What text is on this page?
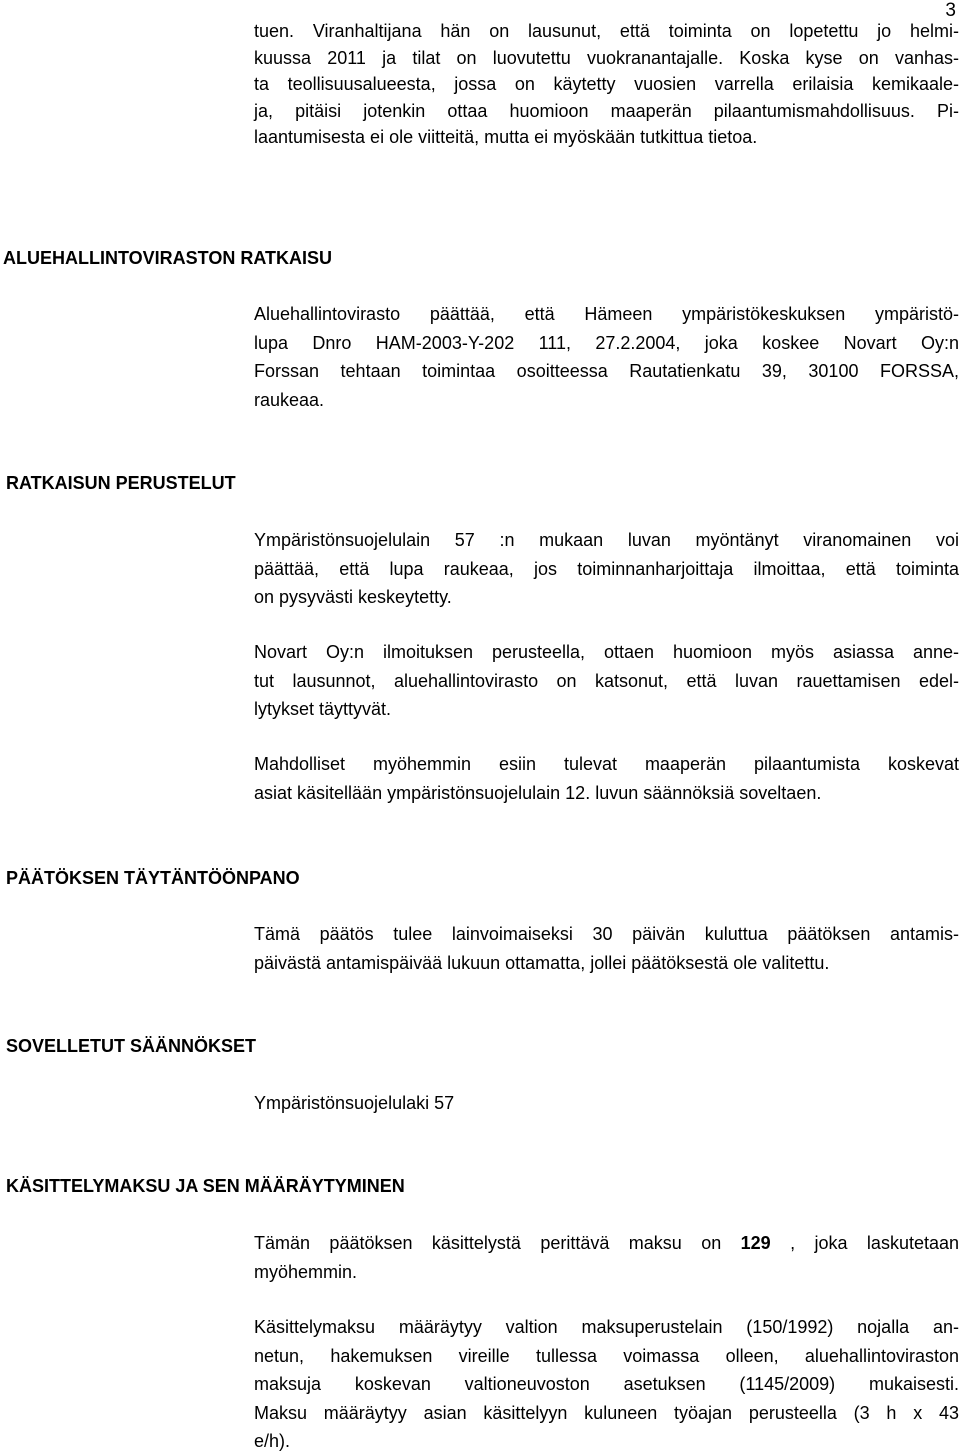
3
tuen. Viranhaltijana hän on lausunut, että toiminta on lopetettu jo helmi-
kuussa 2011 ja tilat on luovutettu vuokranantajalle. Koska kyse on vanhas-
ta teollisuusalueesta, jossa on käytetty vuosien varrella erilaisia kemikaale-
ja, pitäisi jotenkin ottaa huomioon maaperän pilaantumismahdollisuus. Pi-
laantumisesta ei ole viitteitä, mutta ei myöskään tutkittua tietoa.
ALUEHALLINTOVIRASTON RATKAISU
Aluehallintovirasto päättää, että Hämeen ympäristökeskuksen ympäristö-
lupa Dnro HAM-2003-Y-202 111, 27.2.2004, joka koskee Novart Oy:n
Forssan tehtaan toimintaa osoitteessa Rautatienkatu 39, 30100 FORSSA,
raukeaa.
RATKAISUN PERUSTELUT
Ympäristönsuojelulain 57 :n mukaan luvan myöntänyt viranomainen voi
päättää, että lupa raukeaa, jos toiminnanharjoittaja ilmoittaa, että toiminta
on pysyvästi keskeytetty.
Novart Oy:n ilmoituksen perusteella, ottaen huomioon myös asiassa anne-
tut lausunnot, aluehallintovirasto on katsonut, että luvan rauettamisen edel-
lytykset täyttyvät.
Mahdolliset myöhemmin esiin tulevat maaperän pilaantumista koskevat
asiat käsitellään ympäristönsuojelulain 12. luvun säännöksiä soveltaen.
PÄÄTÖKSEN TÄYTÄNTÖÖNPANO
Tämä päätös tulee lainvoimaiseksi 30 päivän kuluttua päätöksen antamis-
päivästä antamispäivää lukuun ottamatta, jollei päätöksestä ole valitettu.
SOVELLETUT SÄÄNNÖKSET
Ympäristönsuojelulaki 57
KÄSITTELYMAKSU JA SEN MÄÄRÄYTYMINEN
Tämän päätöksen käsittelystä perittävä maksu on 129 , joka laskutetaan
myöhemmin.
Käsittelymaksu määräytyy valtion maksuperustelain (150/1992) nojalla an-
netun, hakemuksen vireille tullessa voimassa olleen, aluehallintoviraston
maksuja koskevan valtioneuvoston asetuksen (1145/2009) mukaisesti.
Maksu määräytyy asian käsittelyyn kuluneen työajan perusteella (3 h x 43
e/h).
